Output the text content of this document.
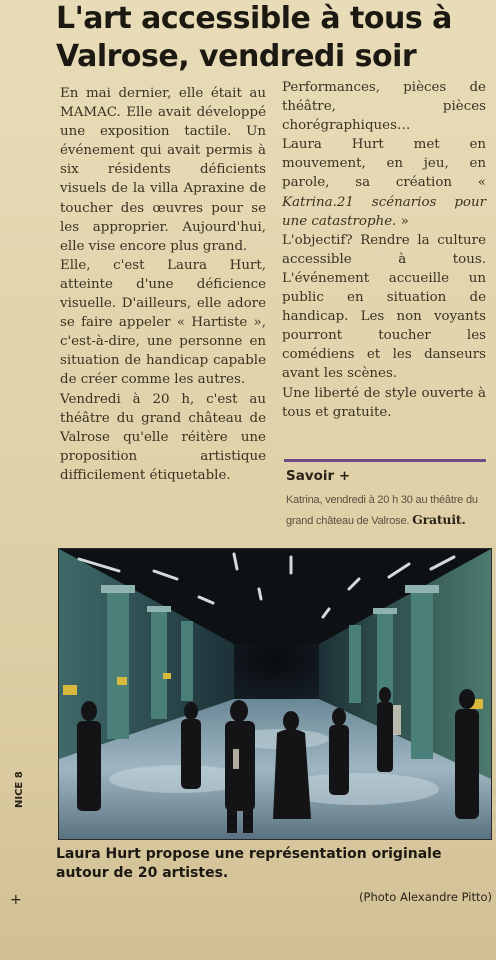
L'art accessible à tous à Valrose, vendredi soir

En mai dernier, elle était au MAMAC. Elle avait développé une exposition tactile. Un événement qui avait permis à six résidents déficients visuels de la villa Apraxine de toucher des œuvres pour se les approprier. Aujourd'hui, elle vise encore plus grand.

Elle, c'est Laura Hurt, atteinte d'une déficience visuelle. D'ailleurs, elle adore se faire appeler « Hartiste », c'est-à-dire, une personne en situation de handicap capable de créer comme les autres.

Vendredi à 20 h, c'est au théâtre du grand château de Valrose qu'elle réitère une proposition artistique difficilement étiquetable.

Performances, pièces de théâtre, pièces chorégraphiques…

Laura Hurt met en mouvement, en jeu, en parole, sa création « Katrina.21 scénarios pour une catastrophe. »

L'objectif? Rendre la culture accessible à tous. L'événement accueille un public en situation de handicap. Les non voyants pourront toucher les comédiens et les danseurs avant les scènes.

Une liberté de style ouverte à tous et gratuite.

Savoir +
Katrina, vendredi à 20 h 30 au théâtre du grand château de Valrose. Gratuit.
NICE 8

Laura Hurt propose une représentation originale autour de 20 artistes.

+	(Photo Alexandre Pitto)
